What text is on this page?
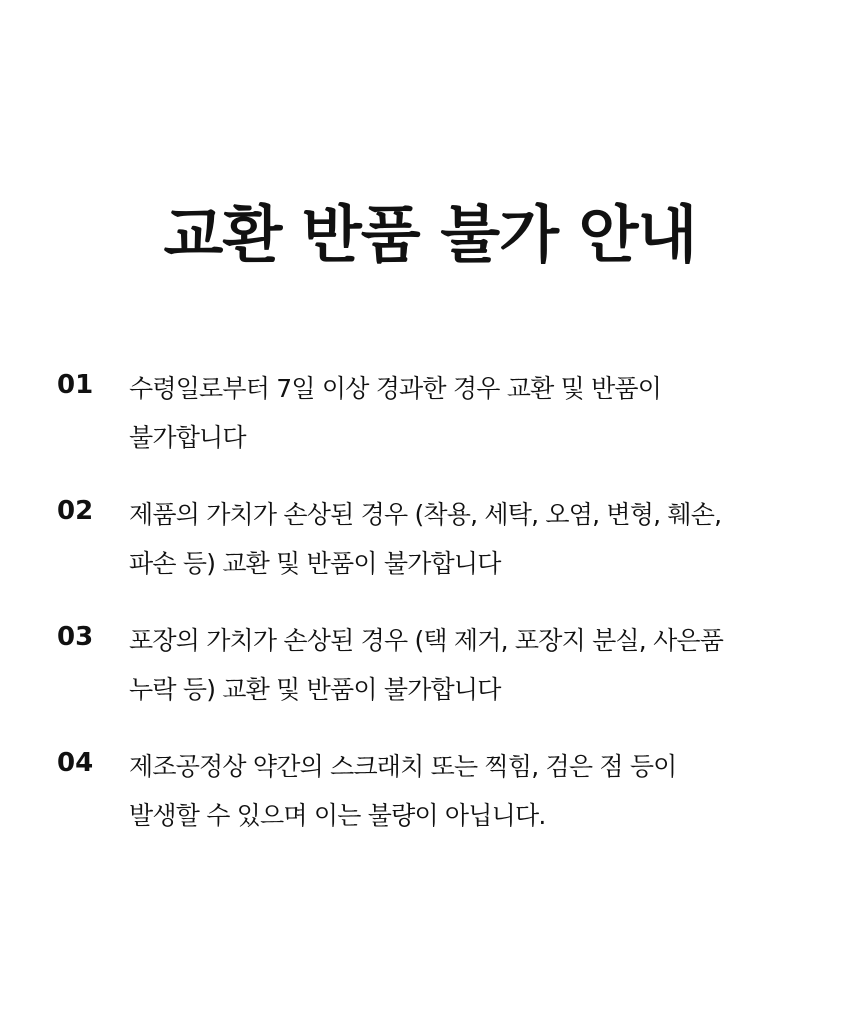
교환 반품 불가 안내
01 수령일로부터 7일 이상 경과한 경우 교환 및 반품이
불가합니다
02 제품의 가치가 손상된 경우 (착용, 세탁, 오염, 변형, 훼손,
파손 등) 교환 및 반품이 불가합니다
03 포장의 가치가 손상된 경우 (택 제거, 포장지 분실, 사은품
누락 등) 교환 및 반품이 불가합니다
04 제조공정상 약간의 스크래치 또는 찍힘, 검은 점 등이
발생할 수 있으며 이는 불량이 아닙니다.
